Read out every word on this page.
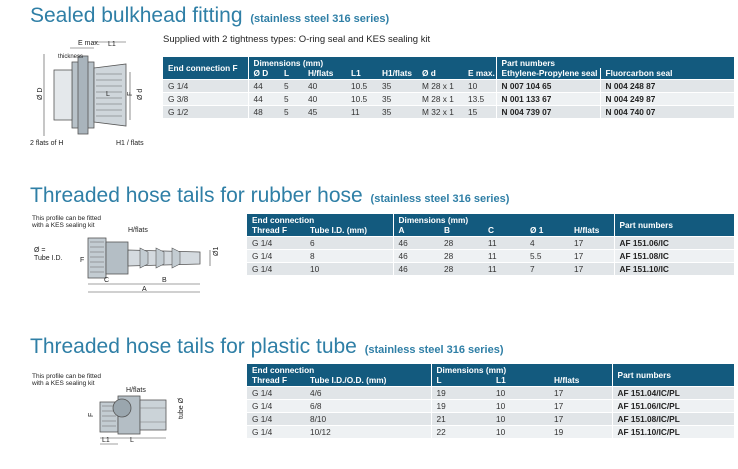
Sealed bulkhead fitting (stainless steel 316 series)
E max. L1
thickness
Ø D	L F Ø d
2 flats of H	H1 / flats
Supplied with 2 tightness types: O-ring seal and KES sealing kit
End connection F	Dimensions (mm)							Part numbers	
	Ø D	L	H/flats	L1	H1/flats	Ø d	E max.	Ethylene-Propylene seal	Fluorcarbon seal
G 1/4	44	5	40	10.5	35	M 28 x 1	10	N 007 104 65	N 004 248 87
G 3/8	44	5	40	10.5	35	M 28 x 1	13.5	N 001 133 67	N 004 249 87
G 1/2	48	5	45	11	35	M 32 x 1	15	N 004 739 07	N 004 740 07
Threaded hose tails for rubber hose (stainless steel 316 series)
This profile can be fitted
with a KES sealing kit
H/flats
Ø =
Tube I.D. F
C	B
A
Ø1
End connection		Dimensions (mm)					Part numbers
Thread F	Tube I.D. (mm)	A	B	C	Ø 1	H/flats	
G 1/4	6	46	28	11	4	17	AF 151.06/IC
G 1/4	8	46	28	11	5.5	17	AF 151.08/IC
G 1/4	10	46	28	11	7	17	AF 151.10/IC
Threaded hose tails for plastic tube (stainless steel 316 series)
This profile can be fitted
with a KES sealing kit
H/flats
F	tube Ø
L1	L
End connection		Dimensions (mm)			Part numbers
Thread F	Tube I.D./O.D. (mm)	L	L1	H/flats	
G 1/4	4/6	19	10	17	AF 151.04/IC/PL
G 1/4	6/8	19	10	17	AF 151.06/IC/PL
G 1/4	8/10	21	10	17	AF 151.08/IC/PL
G 1/4	10/12	22	10	19	AF 151.10/IC/PL
